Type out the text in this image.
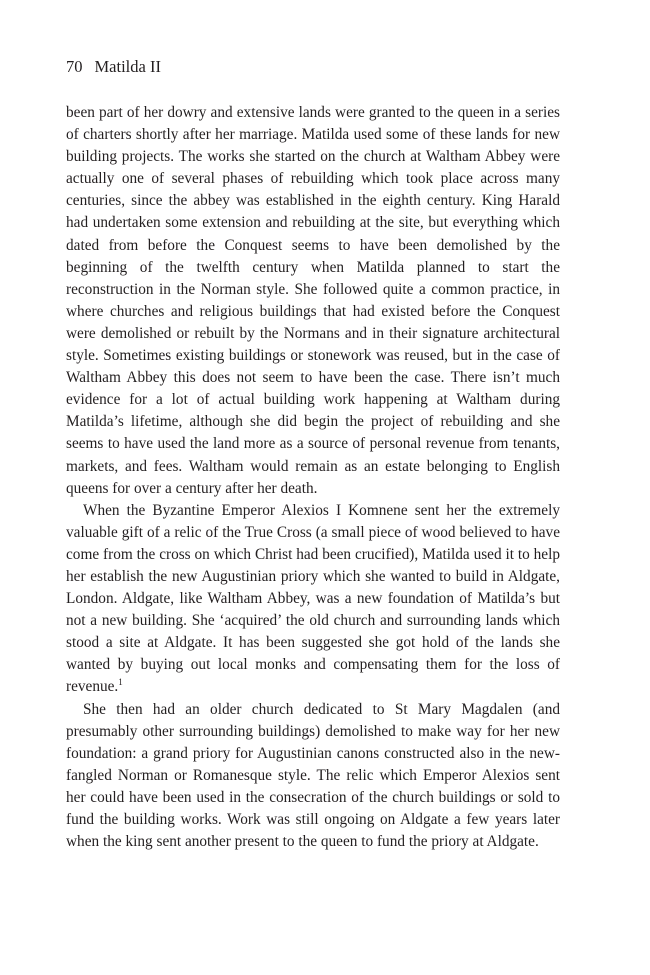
70 Matilda II

been part of her dowry and extensive lands were granted to the queen in a series of charters shortly after her marriage. Matilda used some of these lands for new building projects. The works she started on the church at Waltham Abbey were actually one of several phases of rebuilding which took place across many centuries, since the abbey was established in the eighth century. King Harald had undertaken some extension and rebuilding at the site, but everything which dated from before the Conquest seems to have been demolished by the beginning of the twelfth century when Matilda planned to start the reconstruction in the Norman style. She followed quite a common practice, in where churches and religious buildings that had existed before the Conquest were demolished or rebuilt by the Normans and in their signature architectural style. Sometimes existing buildings or stonework was reused, but in the case of Waltham Abbey this does not seem to have been the case. There isn’t much evidence for a lot of actual building work happening at Waltham during Matilda’s lifetime, although she did begin the project of rebuilding and she seems to have used the land more as a source of personal revenue from tenants, markets, and fees. Waltham would remain as an estate belonging to English queens for over a century after her death.

When the Byzantine Emperor Alexios I Komnene sent her the extremely valuable gift of a relic of the True Cross (a small piece of wood believed to have come from the cross on which Christ had been crucified), Matilda used it to help her establish the new Augustinian priory which she wanted to build in Aldgate, London. Aldgate, like Waltham Abbey, was a new foundation of Matilda’s but not a new building. She ‘acquired’ the old church and surrounding lands which stood a site at Aldgate. It has been suggested she got hold of the lands she wanted by buying out local monks and compensating them for the loss of revenue.$^1$

She then had an older church dedicated to St Mary Magdalen (and presumably other surrounding buildings) demolished to make way for her new foundation: a grand priory for Augustinian canons constructed also in the new-fangled Norman or Romanesque style. The relic which Emperor Alexios sent her could have been used in the consecration of the church buildings or sold to fund the building works. Work was still ongoing on Aldgate a few years later when the king sent another present to the queen to fund the priory at Aldgate.
